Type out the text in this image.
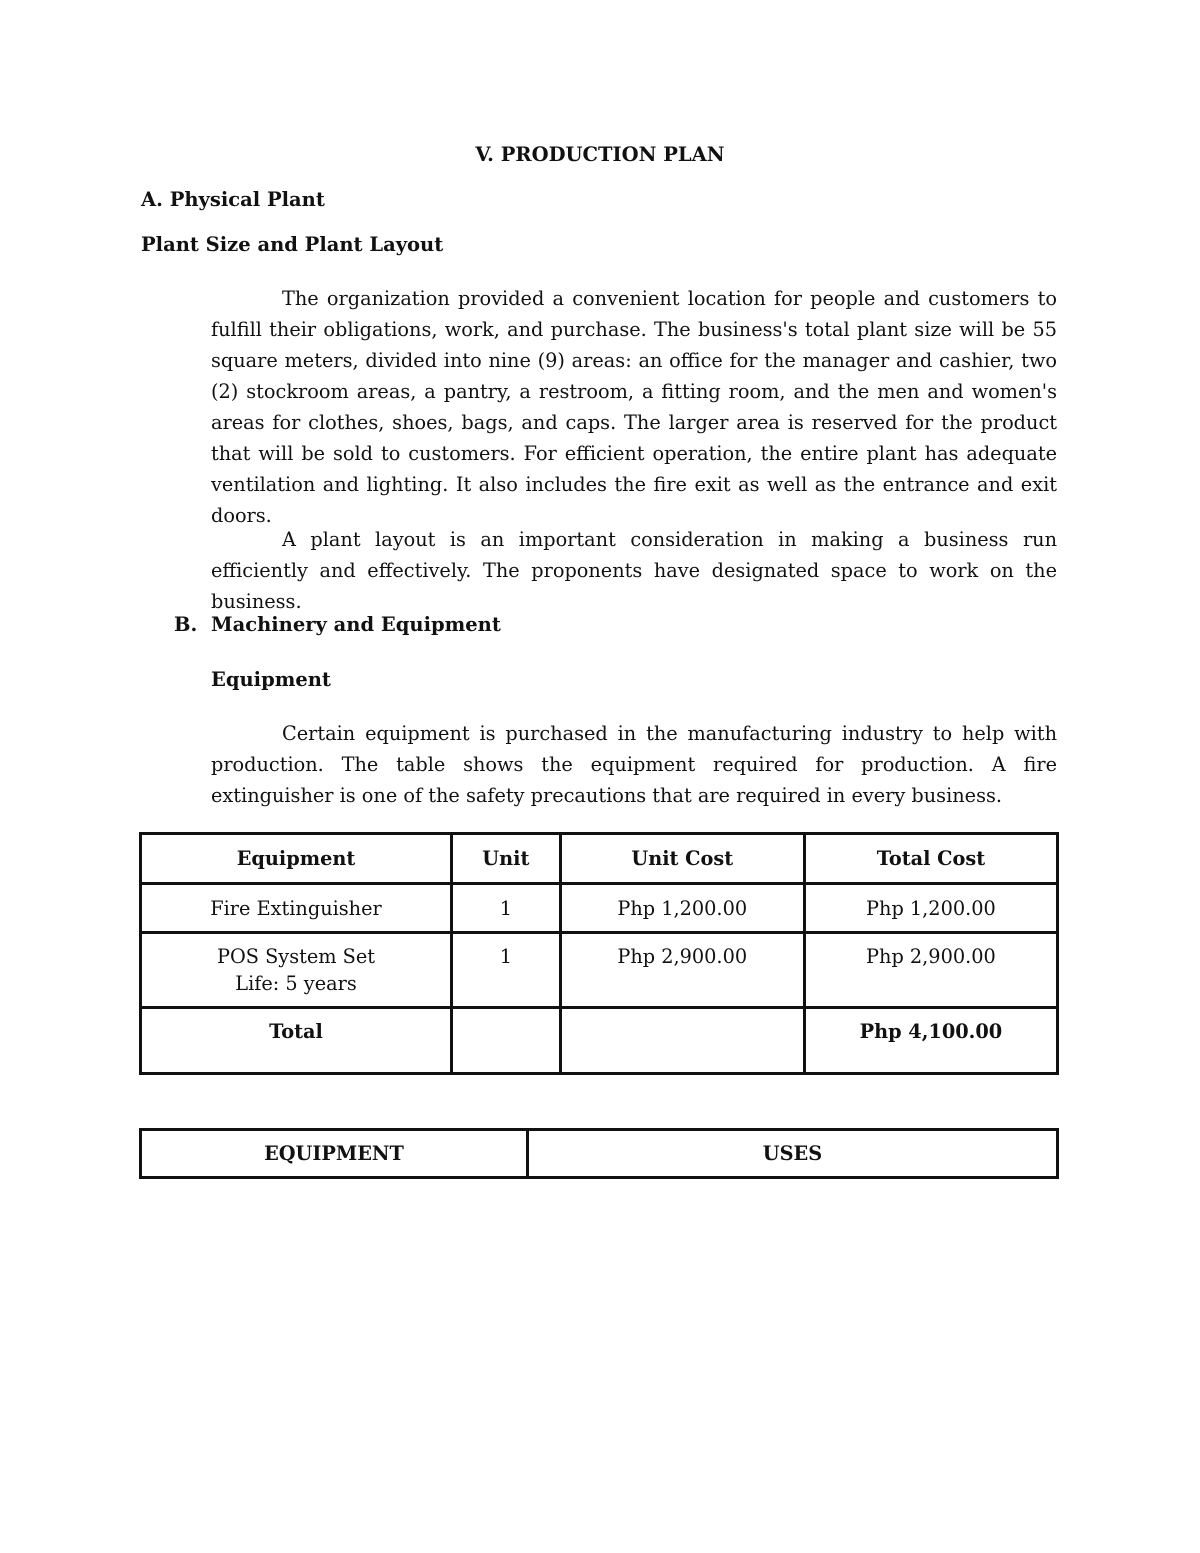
V. PRODUCTION PLAN
A. Physical Plant
Plant Size and Plant Layout

The organization provided a convenient location for people and customers to fulfill their obligations, work, and purchase. The business's total plant size will be 55 square meters, divided into nine (9) areas: an office for the manager and cashier, two (2) stockroom areas, a pantry, a restroom, a fitting room, and the men and women's areas for clothes, shoes, bags, and caps. The larger area is reserved for the product that will be sold to customers. For efficient operation, the entire plant has adequate ventilation and lighting. It also includes the fire exit as well as the entrance and exit doors.

A plant layout is an important consideration in making a business run efficiently and effectively. The proponents have designated space to work on the business.

B. Machinery and Equipment
Equipment

Certain equipment is purchased in the manufacturing industry to help with production. The table shows the equipment required for production. A fire extinguisher is one of the safety precautions that are required in every business.

Equipment	Unit	Unit Cost	Total Cost
Fire Extinguisher	1	Php 1,200.00	Php 1,200.00

POS System Set
Life: 5 years	1	Php 2,900.00	Php 2,900.00
Total			Php 4,100.00
EQUIPMENT	USES
